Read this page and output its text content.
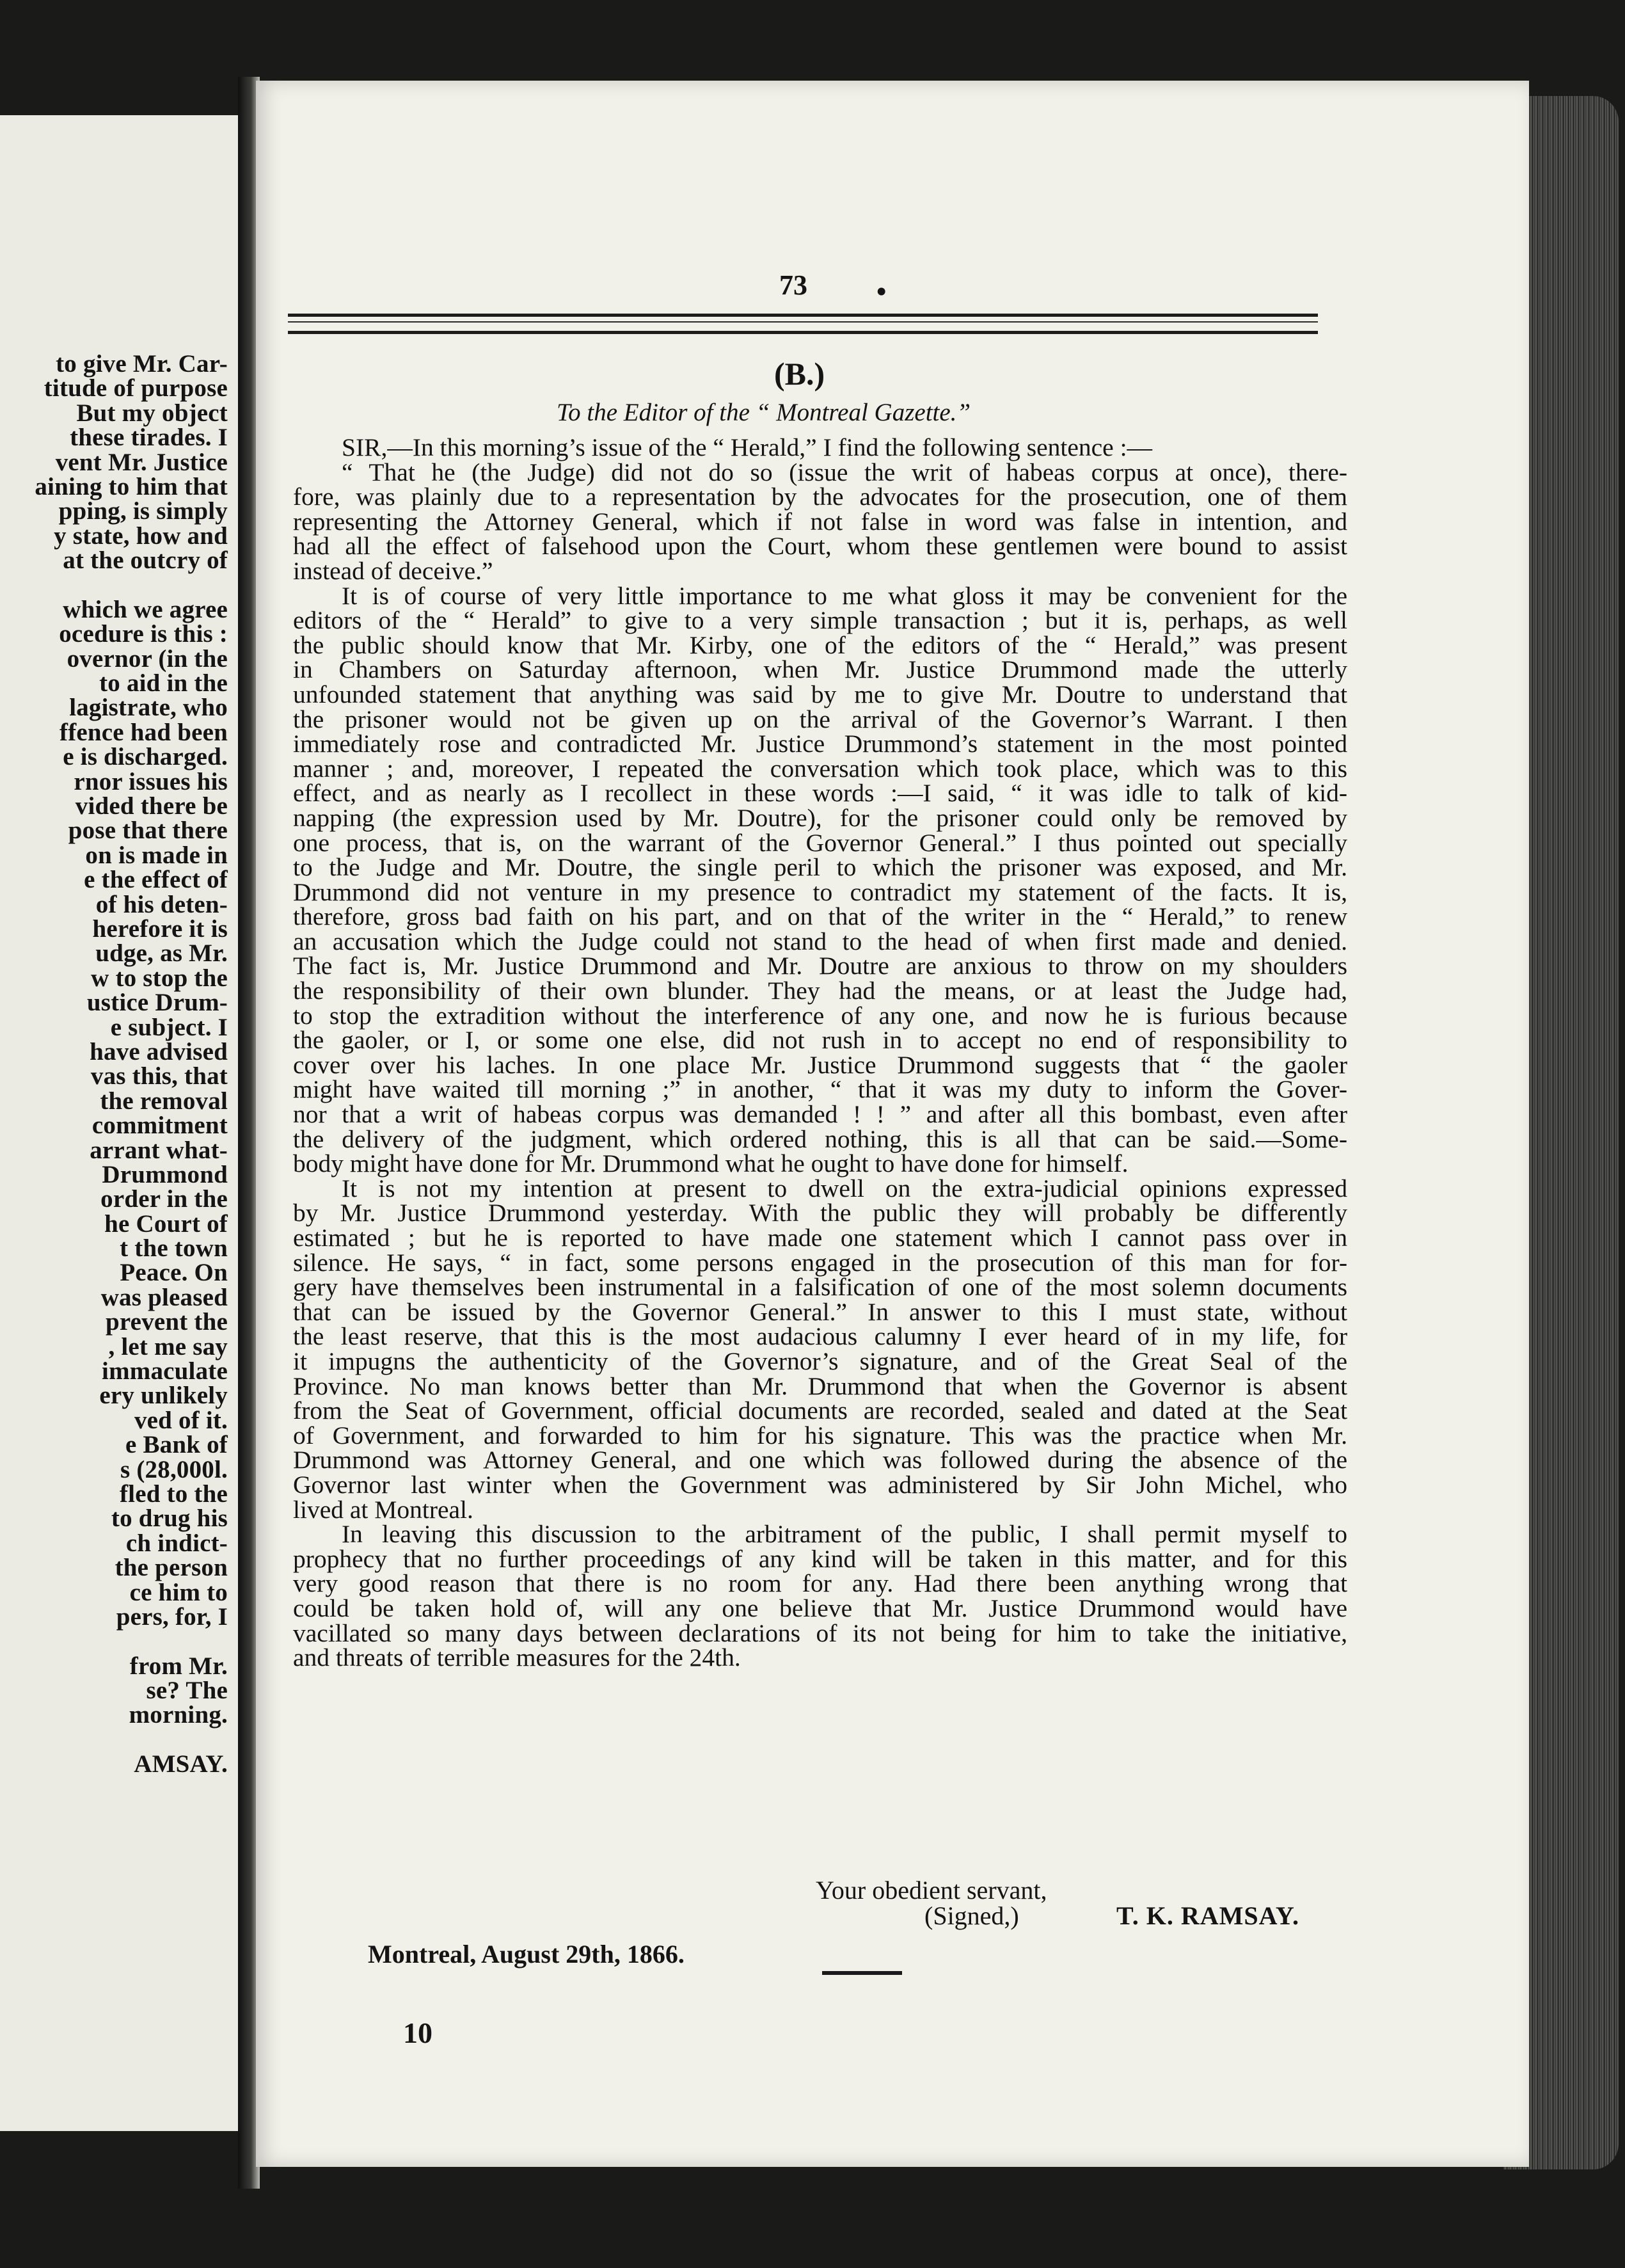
to give Mr. Car-
titude of purpose
But my object
these tirades. I
vent Mr. Justice
aining to him that
pping, is simply
y state, how and
at the outcry of
which we agree
ocedure is this :
overnor (in the
to aid in the
lagistrate, who
ffence had been
e is discharged.
rnor issues his
vided there be
pose that there
on is made in
e the effect of
of his deten-
herefore it is
udge, as Mr.
w to stop the
ustice Drum-
e subject. I
have advised
vas this, that
the removal
commitment
arrant what-
Drummond
order in the
he Court of
t the town
Peace. On
was pleased
prevent the
, let me say
immaculate
ery unlikely
ved of it.
e Bank of
s (28,000l.
fled to the
to drug his
ch indict-
the person
ce him to
pers, for, I
from Mr.
se? The
morning.
AMSAY.
73 •
(B.)
To the Editor of the “ Montreal Gazette.”
SIR,—In this morning’s issue of the “ Herald,” I find the following sentence :—
“ That he (the Judge) did not do so (issue the writ of habeas corpus at once), there-
fore, was plainly due to a representation by the advocates for the prosecution, one of them
representing the Attorney General, which if not false in word was false in intention, and
had all the effect of falsehood upon the Court, whom these gentlemen were bound to assist
instead of deceive.”
It is of course of very little importance to me what gloss it may be convenient for the
editors of the “ Herald” to give to a very simple transaction ; but it is, perhaps, as well
the public should know that Mr. Kirby, one of the editors of the “ Herald,” was present
in Chambers on Saturday afternoon, when Mr. Justice Drummond made the utterly
unfounded statement that anything was said by me to give Mr. Doutre to understand that
the prisoner would not be given up on the arrival of the Governor’s Warrant. I then
immediately rose and contradicted Mr. Justice Drummond’s statement in the most pointed
manner ; and, moreover, I repeated the conversation which took place, which was to this
effect, and as nearly as I recollect in these words :—I said, “ it was idle to talk of kid-
napping (the expression used by Mr. Doutre), for the prisoner could only be removed by
one process, that is, on the warrant of the Governor General.” I thus pointed out specially
to the Judge and Mr. Doutre, the single peril to which the prisoner was exposed, and Mr.
Drummond did not venture in my presence to contradict my statement of the facts. It is,
therefore, gross bad faith on his part, and on that of the writer in the “ Herald,” to renew
an accusation which the Judge could not stand to the head of when first made and denied.
The fact is, Mr. Justice Drummond and Mr. Doutre are anxious to throw on my shoulders
the responsibility of their own blunder. They had the means, or at least the Judge had,
to stop the extradition without the interference of any one, and now he is furious because
the gaoler, or I, or some one else, did not rush in to accept no end of responsibility to
cover over his laches. In one place Mr. Justice Drummond suggests that “ the gaoler
might have waited till morning ;” in another, “ that it was my duty to inform the Gover-
nor that a writ of habeas corpus was demanded ! ! ” and after all this bombast, even after
the delivery of the judgment, which ordered nothing, this is all that can be said.—Some-
body might have done for Mr. Drummond what he ought to have done for himself.
It is not my intention at present to dwell on the extra-judicial opinions expressed
by Mr. Justice Drummond yesterday. With the public they will probably be differently
estimated ; but he is reported to have made one statement which I cannot pass over in
silence. He says, “ in fact, some persons engaged in the prosecution of this man for for-
gery have themselves been instrumental in a falsification of one of the most solemn documents
that can be issued by the Governor General.” In answer to this I must state, without
the least reserve, that this is the most audacious calumny I ever heard of in my life, for
it impugns the authenticity of the Governor’s signature, and of the Great Seal of the
Province. No man knows better than Mr. Drummond that when the Governor is absent
from the Seat of Government, official documents are recorded, sealed and dated at the Seat
of Government, and forwarded to him for his signature. This was the practice when Mr.
Drummond was Attorney General, and one which was followed during the absence of the
Governor last winter when the Government was administered by Sir John Michel, who
lived at Montreal.
In leaving this discussion to the arbitrament of the public, I shall permit myself to
prophecy that no further proceedings of any kind will be taken in this matter, and for this
very good reason that there is no room for any. Had there been anything wrong that
could be taken hold of, will any one believe that Mr. Justice Drummond would have
vacillated so many days between declarations of its not being for him to take the initiative,
and threats of terrible measures for the 24th.
Your obedient servant,
(Signed,)	T. K. RAMSAY.
Montreal, August 29th, 1866.
10
